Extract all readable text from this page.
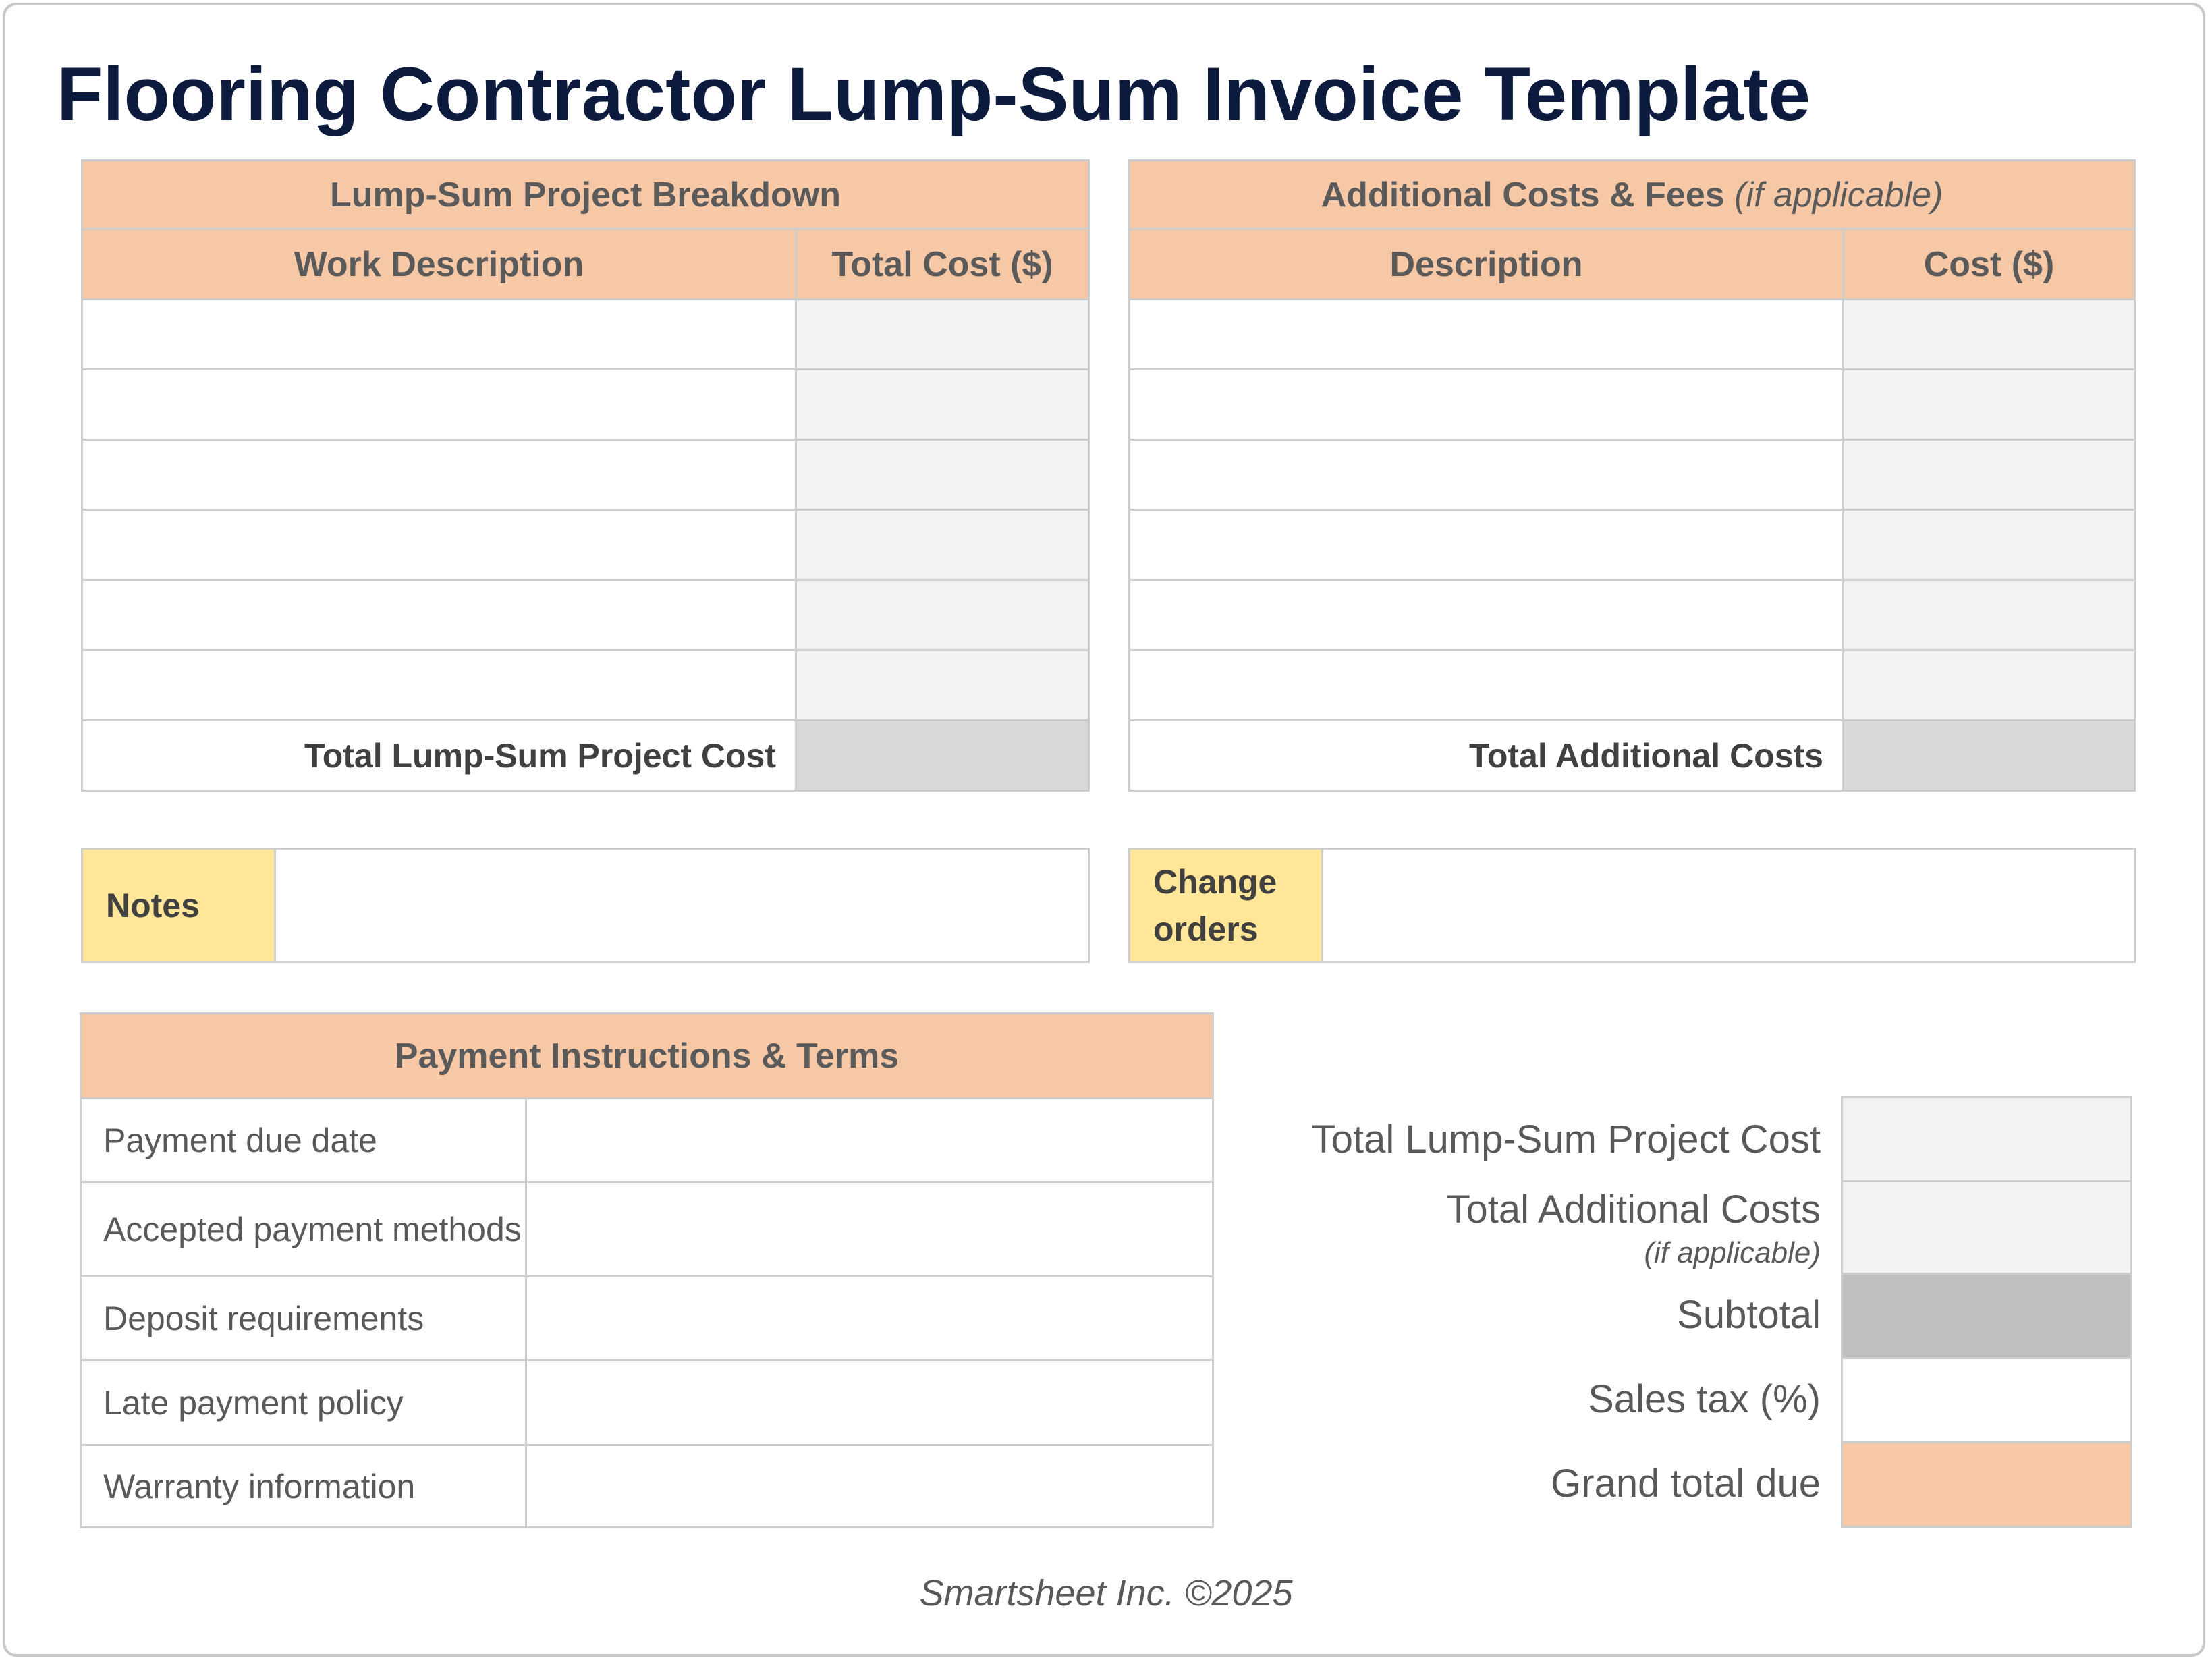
Flooring Contractor Lump-Sum Invoice Template
Lump-Sum Project Breakdown	
Work Description	Total Cost ($)

Total Lump-Sum Project Cost	
Additional Costs & Fees (if applicable)	
Description	Cost ($)

Total Additional Costs	
Notes	
Change
orders	
Payment Instructions & Terms	
Payment due date	
Accepted payment methods	
Deposit requirements	
Late payment policy	
Warranty information	
Total Lump-Sum Project Cost
Total Additional Costs
(if applicable)
Subtotal
Sales tax (%)
Grand total due
Smartsheet Inc. ©2025
